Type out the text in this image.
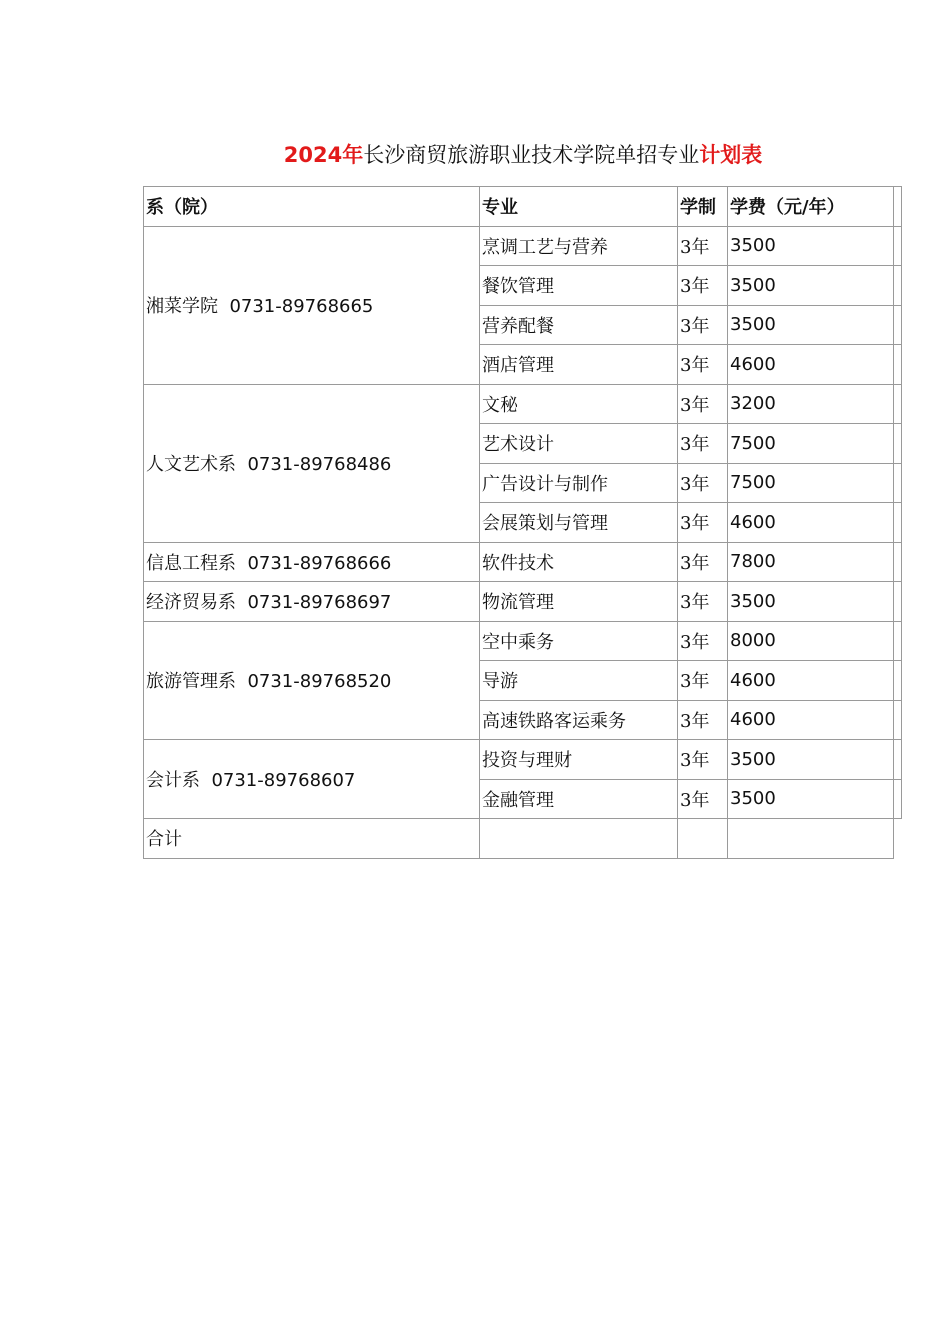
2024年长沙商贸旅游职业技术学院单招专业计划表
系（院）	专业	学制	学费（元/年）	
湘菜学院 0731-89768665	烹调工艺与营养	3年	3500	
	餐饮管理	3年	3500	
	营养配餐	3年	3500	
	酒店管理	3年	4600	
人文艺术系 0731-89768486	文秘	3年	3200	
	艺术设计	3年	7500	
	广告设计与制作	3年	7500	
	会展策划与管理	3年	4600	
信息工程系 0731-89768666	软件技术	3年	7800	
经济贸易系 0731-89768697	物流管理	3年	3500	
旅游管理系 0731-89768520	空中乘务	3年	8000	
	导游	3年	4600	
	高速铁路客运乘务	3年	4600	
会计系 0731-89768607	投资与理财	3年	3500	
	金融管理	3年	3500	
合计				
